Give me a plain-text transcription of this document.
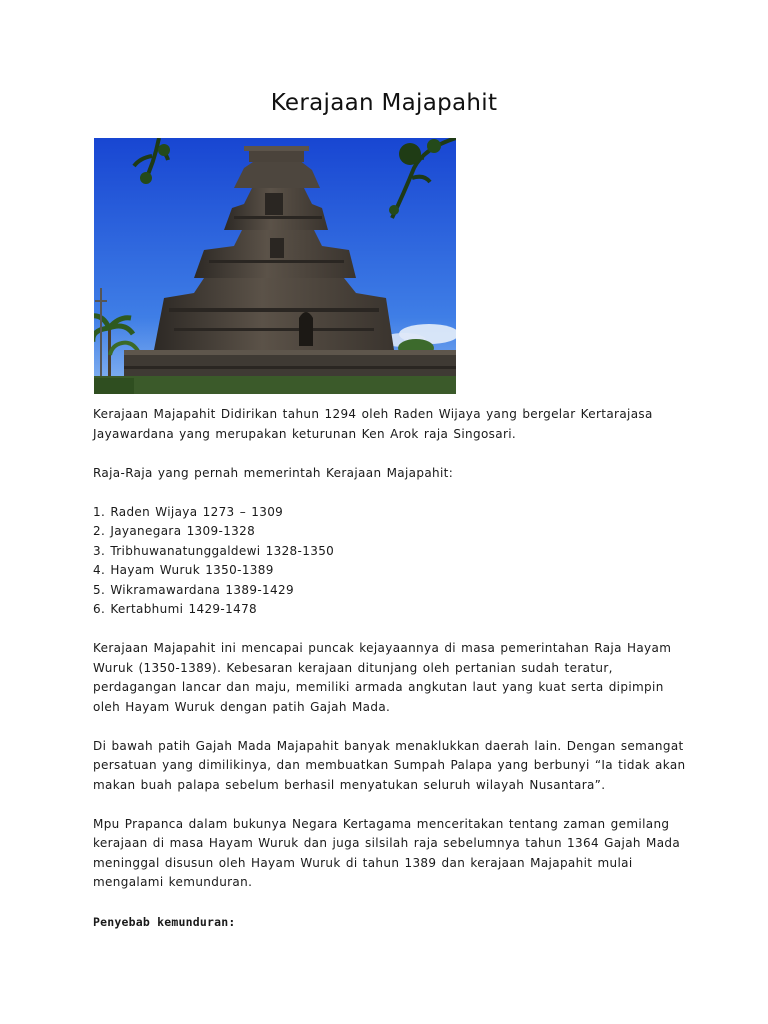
Kerajaan Majapahit

Kerajaan Majapahit Didirikan tahun 1294 oleh Raden Wijaya yang bergelar Kertarajasa Jayawardana yang merupakan keturunan Ken Arok raja Singosari.

Raja-Raja yang pernah memerintah Kerajaan Majapahit:

1. Raden Wijaya 1273 – 1309
2. Jayanegara 1309-1328
3. Tribhuwanatunggaldewi 1328-1350
4. Hayam Wuruk 1350-1389
5. Wikramawardana 1389-1429
6. Kertabhumi 1429-1478

Kerajaan Majapahit ini mencapai puncak kejayaannya di masa pemerintahan Raja Hayam Wuruk (1350-1389). Kebesaran kerajaan ditunjang oleh pertanian sudah teratur, perdagangan lancar dan maju, memiliki armada angkutan laut yang kuat serta dipimpin oleh Hayam Wuruk dengan patih Gajah Mada.

Di bawah patih Gajah Mada Majapahit banyak menaklukkan daerah lain. Dengan semangat persatuan yang dimilikinya, dan membuatkan Sumpah Palapa yang berbunyi “Ia tidak akan makan buah palapa sebelum berhasil menyatukan seluruh wilayah Nusantara”.

Mpu Prapanca dalam bukunya Negara Kertagama menceritakan tentang zaman gemilang kerajaan di masa Hayam Wuruk dan juga silsilah raja sebelumnya tahun 1364 Gajah Mada meninggal disusun oleh Hayam Wuruk di tahun 1389 dan kerajaan Majapahit mulai mengalami kemunduran.

Penyebab kemunduran:
